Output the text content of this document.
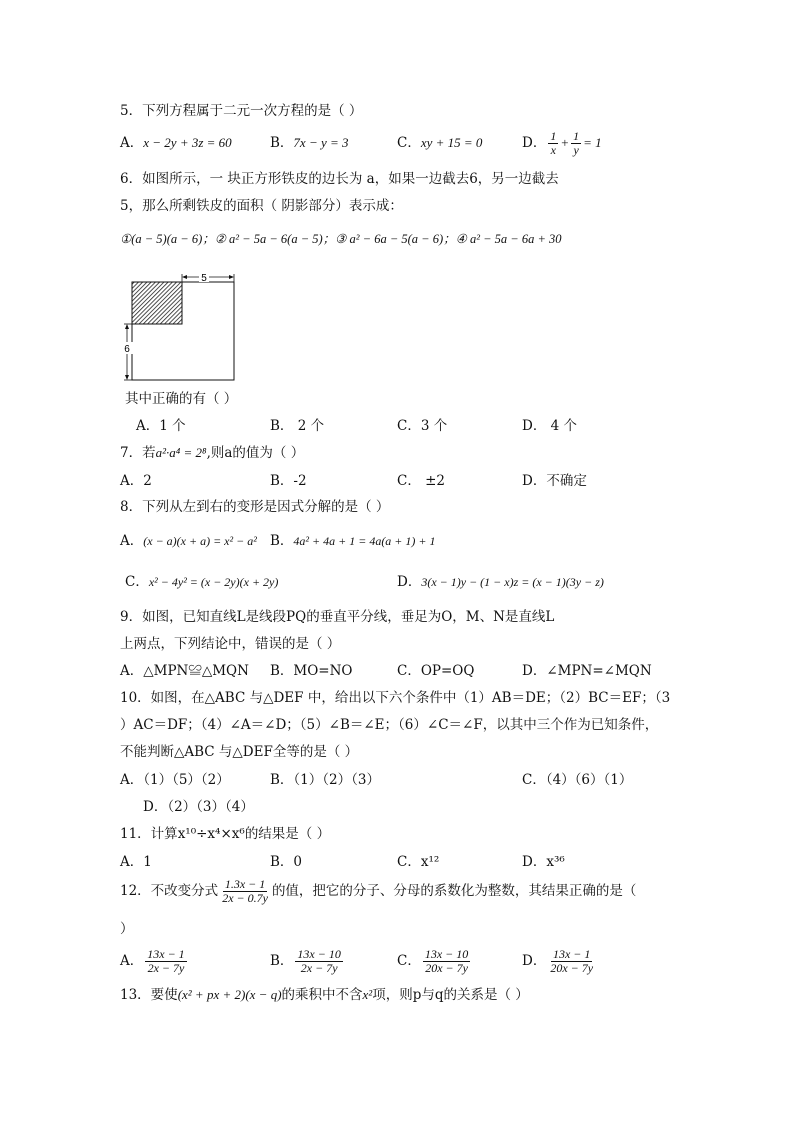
5．下列方程属于二元一次方程的是（ ）
A．x − 2y + 3z = 60	B．7x − y = 3	C．xy + 15 = 0	D． $\frac{1}{x} + \frac{1}{y} = 1$
6．如图所示，一 块正方形铁皮的边长为 a，如果一边截去6，另一边截去
5，那么所剩铁皮的面积（ 阴影部分）表示成：
①(a − 5)(a − 6)；② a² − 5a − 6(a − 5)；③ a² − 6a − 5(a − 6)；④ a² − 5a − 6a + 30
5
6
其中正确的有（ ）
A．1 个	B． 2 个	C．3 个	D． 4 个
7．若a²·a⁴ = 2⁸,则a的值为（ ）
A．2	B．-2	C． ±2	D．不确定
8．下列从左到右的变形是因式分解的是（ ）
A．(x − a)(x + a) = x² − a² B．4a² + 4a + 1 = 4a(a + 1) + 1
C．x² − 4y² = (x − 2y)(x + 2y)	D．3(x − 1)y − (1 − x)z = (x − 1)(3y − z)
9．如图，已知直线L是线段PQ的垂直平分线，垂足为O，M、N是直线L
上两点，下列结论中，错误的是（ ）
A．△MPN≌△MQN B．MO=NO	C．OP=OQ	D．∠MPN=∠MQN
10．如图，在△ABC 与△DEF 中，给出以下六个条件中（1）AB＝DE；（2）BC＝EF；（3
）AC＝DF；（4）∠A＝∠D；（5）∠B＝∠E；（6）∠C＝∠F，以其中三个作为已知条件，
不能判断△ABC 与△DEF全等的是（ ）
A．（1）（5）（2）	B．（1）（2）（3）	C．（4）（6）（1）
D．（2）（3）（4）
11．计算x¹⁰÷x⁴×x⁶的结果是（ ）
A．1	B．0	C．x¹²	D．x³⁶
12．不改变分式 $\frac{1.3x - 1}{2x - 0.7y}$ 的值，把它的分子、分母的系数化为整数，其结果正确的是（
）
A． $\frac{13x - 1}{2x - 7y}$	B． $\frac{13x - 10}{2x - 7y}$	C． $\frac{13x - 10}{20x - 7y}$	D． $\frac{13x - 1}{20x - 7y}$
13．要使(x² + px + 2)(x − q)的乘积中不含x²项，则p与q的关系是（ ）
